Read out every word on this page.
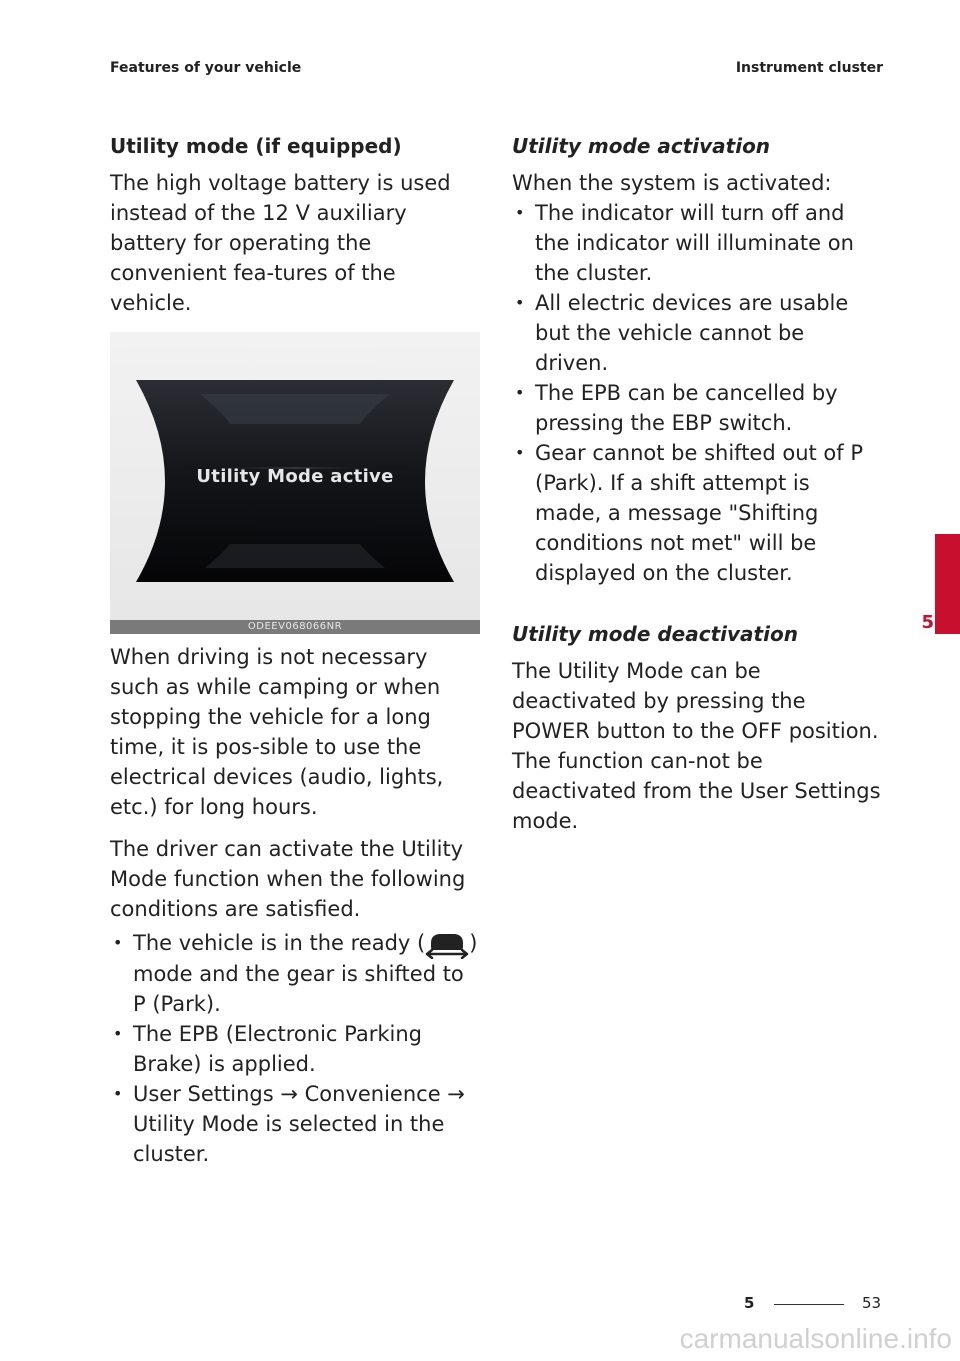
Features of your vehicle	Instrument cluster
Utility mode (if equipped)

The high voltage battery is used instead of the 12 V auxiliary battery for operating the convenient fea-tures of the vehicle.

Utility Mode active
ODEEV068066NR

When driving is not necessary such as while camping or when stopping the vehicle for a long time, it is pos-sible to use the electrical devices (audio, lights, etc.) for long hours.

The driver can activate the Utility Mode function when the following conditions are satisfied.

• The vehicle is in the ready ( ) mode and the gear is shifted to P (Park).
• The EPB (Electronic Parking Brake) is applied.
• User Settings → Convenience → Utility Mode is selected in the cluster.
Utility mode activation

When the system is activated:

• The indicator will turn off and the indicator will illuminate on the cluster.
• All electric devices are usable but the vehicle cannot be driven.
• The EPB can be cancelled by pressing the EBP switch.
• Gear cannot be shifted out of P (Park). If a shift attempt is made, a message "Shifting conditions not met" will be displayed on the cluster.
Utility mode deactivation

The Utility Mode can be deactivated by pressing the POWER button to the OFF position. The function can-not be deactivated from the User Settings mode.

5
5	53
carmanualsonline.info
